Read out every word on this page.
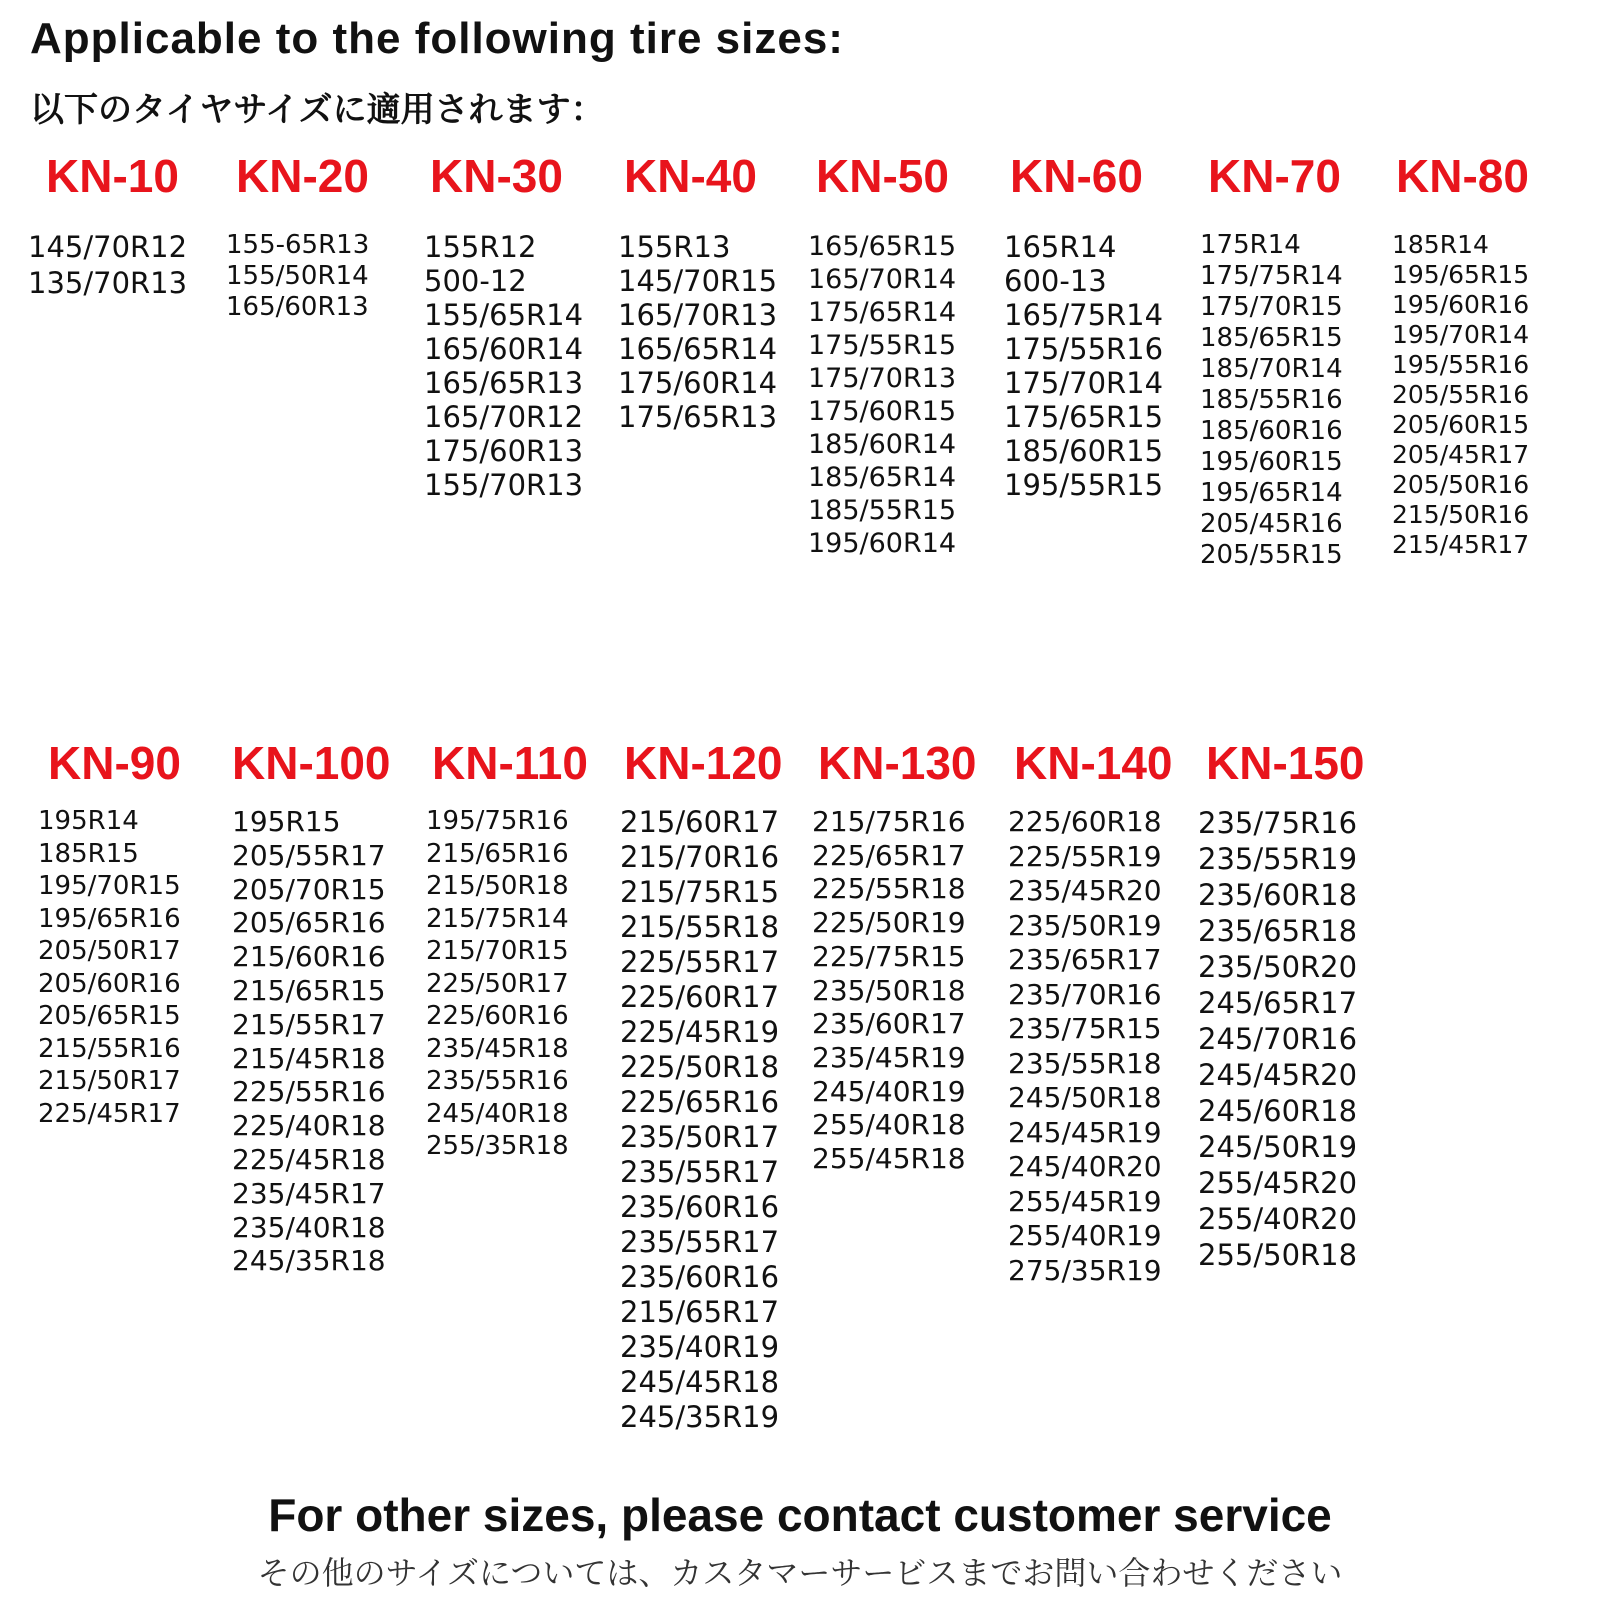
Applicable to the following tire sizes:
以下のタイヤサイズに適用されます：
KN-10
145/70R12
135/70R13
KN-20
155-65R13
155/50R14
165/60R13
KN-30
155R12
500-12
155/65R14
165/60R14
165/65R13
165/70R12
175/60R13
155/70R13
KN-40
155R13
145/70R15
165/70R13
165/65R14
175/60R14
175/65R13
KN-50
165/65R15
165/70R14
175/65R14
175/55R15
175/70R13
175/60R15
185/60R14
185/65R14
185/55R15
195/60R14
KN-60
165R14
600-13
165/75R14
175/55R16
175/70R14
175/65R15
185/60R15
195/55R15
KN-70
175R14
175/75R14
175/70R15
185/65R15
185/70R14
185/55R16
185/60R16
195/60R15
195/65R14
205/45R16
205/55R15
KN-80
185R14
195/65R15
195/60R16
195/70R14
195/55R16
205/55R16
205/60R15
205/45R17
205/50R16
215/50R16
215/45R17
KN-90
195R14
185R15
195/70R15
195/65R16
205/50R17
205/60R16
205/65R15
215/55R16
215/50R17
225/45R17
KN-100
195R15
205/55R17
205/70R15
205/65R16
215/60R16
215/65R15
215/55R17
215/45R18
225/55R16
225/40R18
225/45R18
235/45R17
235/40R18
245/35R18
KN-110
195/75R16
215/65R16
215/50R18
215/75R14
215/70R15
225/50R17
225/60R16
235/45R18
235/55R16
245/40R18
255/35R18
KN-120
215/60R17
215/70R16
215/75R15
215/55R18
225/55R17
225/60R17
225/45R19
225/50R18
225/65R16
235/50R17
235/55R17
235/60R16
235/55R17
235/60R16
215/65R17
235/40R19
245/45R18
245/35R19
KN-130
215/75R16
225/65R17
225/55R18
225/50R19
225/75R15
235/50R18
235/60R17
235/45R19
245/40R19
255/40R18
255/45R18
KN-140
225/60R18
225/55R19
235/45R20
235/50R19
235/65R17
235/70R16
235/75R15
235/55R18
245/50R18
245/45R19
245/40R20
255/45R19
255/40R19
275/35R19
KN-150
235/75R16
235/55R19
235/60R18
235/65R18
235/50R20
245/65R17
245/70R16
245/45R20
245/60R18
245/50R19
255/45R20
255/40R20
255/50R18
For other sizes, please contact customer service
その他のサイズについては、カスタマーサービスまでお問い合わせください
